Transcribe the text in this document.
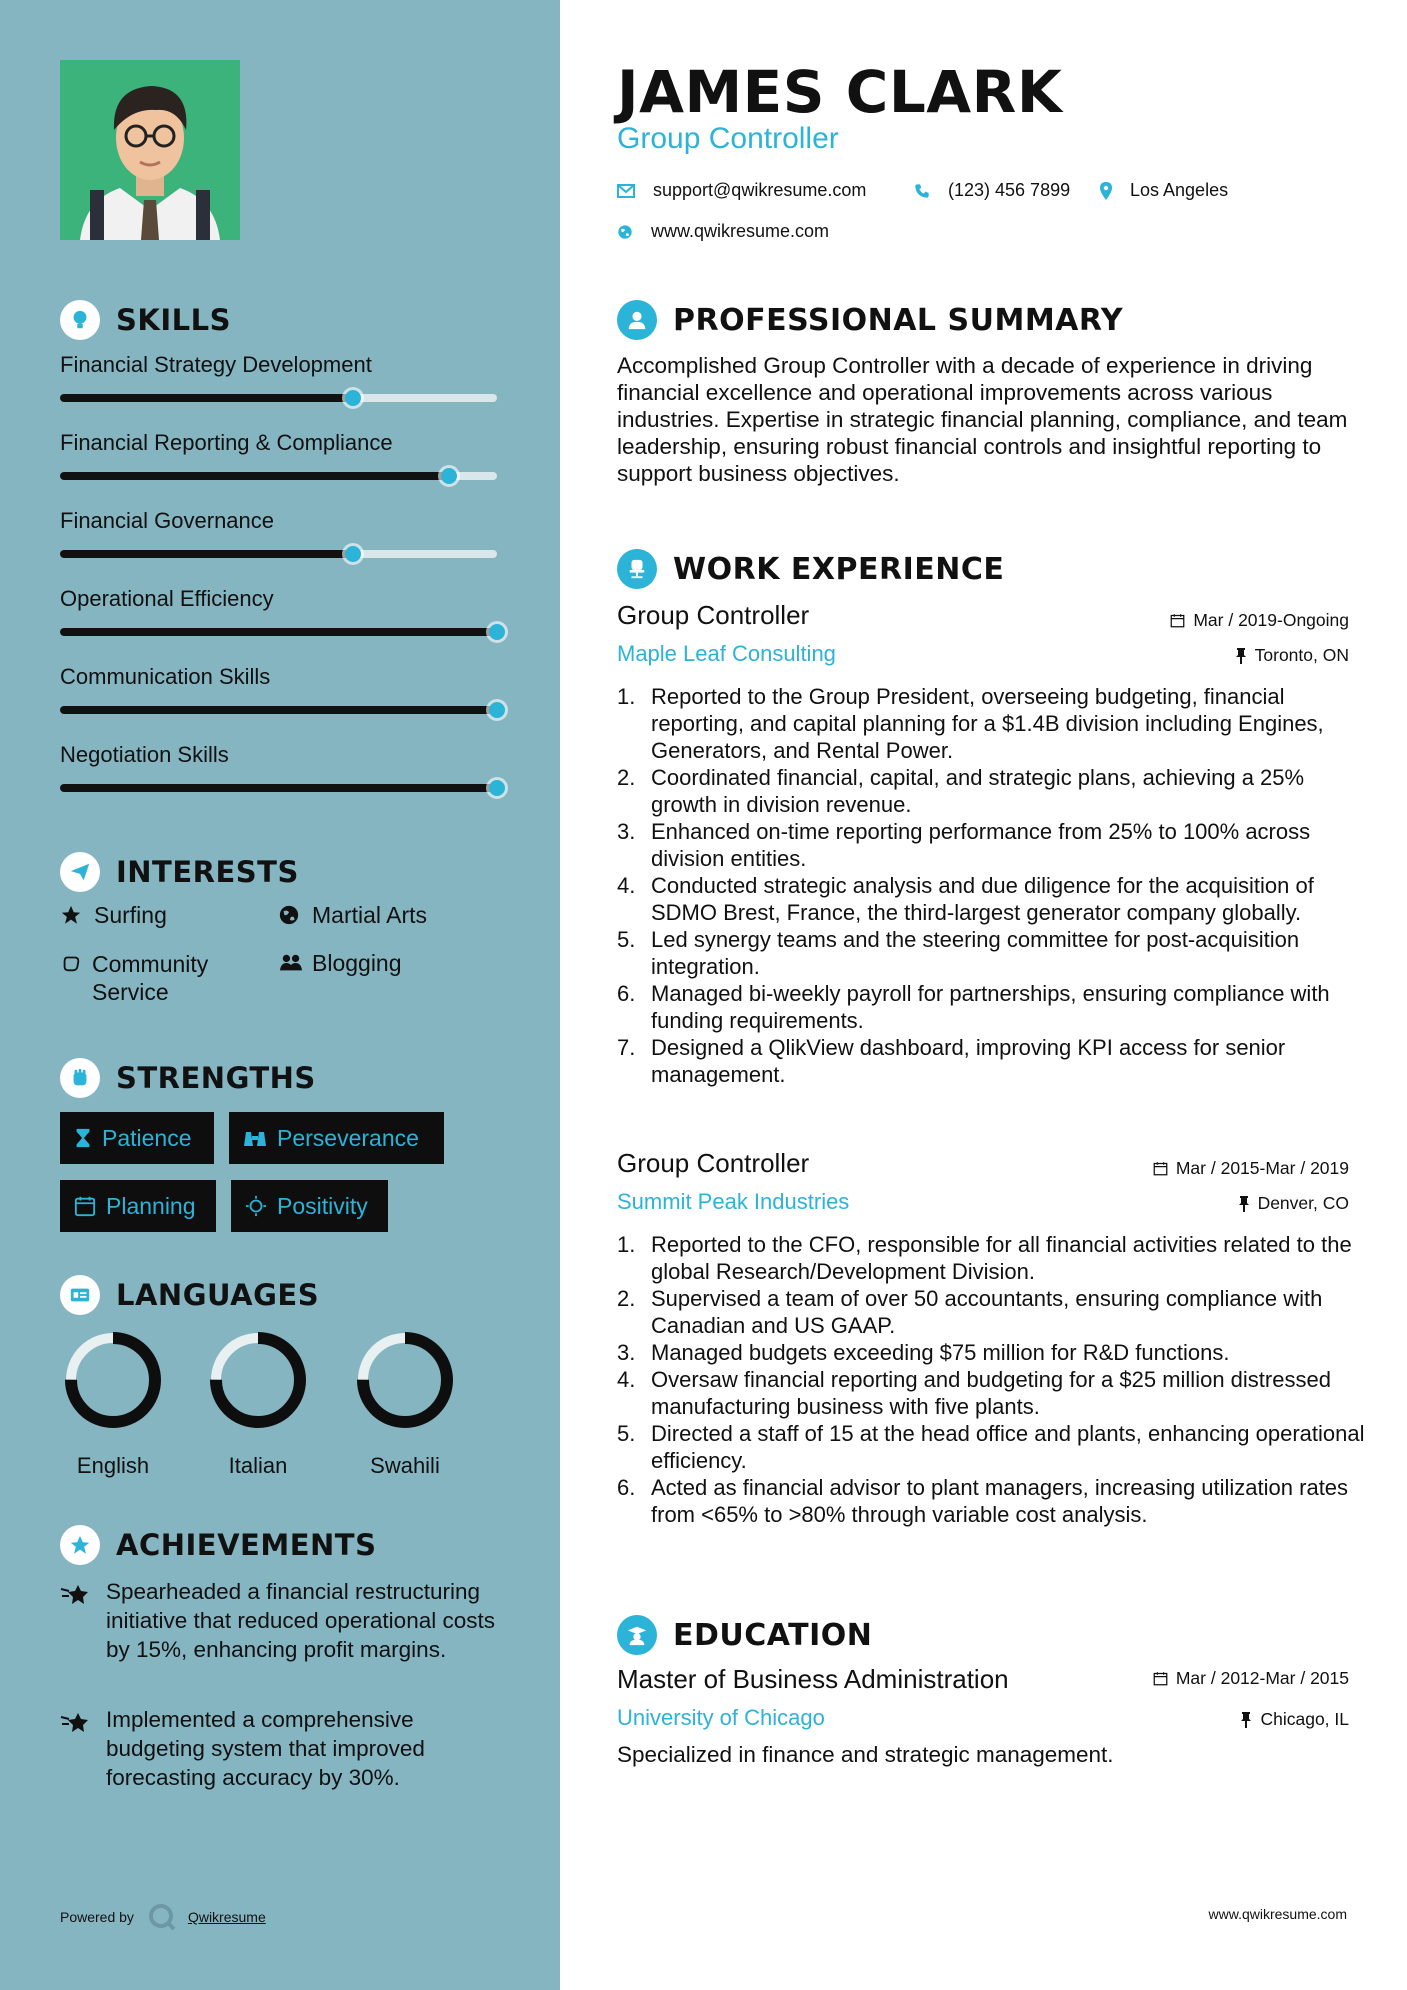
SKILLS
Financial Strategy Development
Financial Reporting & Compliance
Financial Governance
Operational Efficiency
Communication Skills
Negotiation Skills
INTERESTS
Surfing	Martial Arts
Community Service
Blogging
STRENGTHS
Patience	Perseverance
Planning	Positivity
LANGUAGES
English	Italian	Swahili
ACHIEVEMENTS
Spearheaded a financial restructuring initiative that reduced operational costs by 15%, enhancing profit margins.
Implemented a comprehensive budgeting system that improved forecasting accuracy by 30%.
Powered by	Qwikresume
JAMES CLARK
Group Controller
support@qwikresume.com	(123) 456 7899	Los Angeles
www.qwikresume.com
PROFESSIONAL SUMMARY
Accomplished Group Controller with a decade of experience in driving financial excellence and operational improvements across various industries. Expertise in strategic financial planning, compliance, and team leadership, ensuring robust financial controls and insightful reporting to support business objectives.
WORK EXPERIENCE
Group Controller	Mar / 2019-Ongoing
Maple Leaf Consulting	Toronto, ON
Reported to the Group President, overseeing budgeting, financial reporting, and capital planning for a $1.4B division including Engines, Generators, and Rental Power.
Coordinated financial, capital, and strategic plans, achieving a 25% growth in division revenue.
Enhanced on-time reporting performance from 25% to 100% across division entities.
Conducted strategic analysis and due diligence for the acquisition of SDMO Brest, France, the third-largest generator company globally.
Led synergy teams and the steering committee for post-acquisition integration.
Managed bi-weekly payroll for partnerships, ensuring compliance with funding requirements.
Designed a QlikView dashboard, improving KPI access for senior management.
Group Controller	Mar / 2015-Mar / 2019
Summit Peak Industries	Denver, CO
Reported to the CFO, responsible for all financial activities related to the global Research/Development Division.
Supervised a team of over 50 accountants, ensuring compliance with Canadian and US GAAP.
Managed budgets exceeding $75 million for R&D functions.
Oversaw financial reporting and budgeting for a $25 million distressed manufacturing business with five plants.
Directed a staff of 15 at the head office and plants, enhancing operational efficiency.
Acted as financial advisor to plant managers, increasing utilization rates from <65% to >80% through variable cost analysis.
EDUCATION
Master of Business Administration	Mar / 2012-Mar / 2015
University of Chicago	Chicago, IL
Specialized in finance and strategic management.
www.qwikresume.com
